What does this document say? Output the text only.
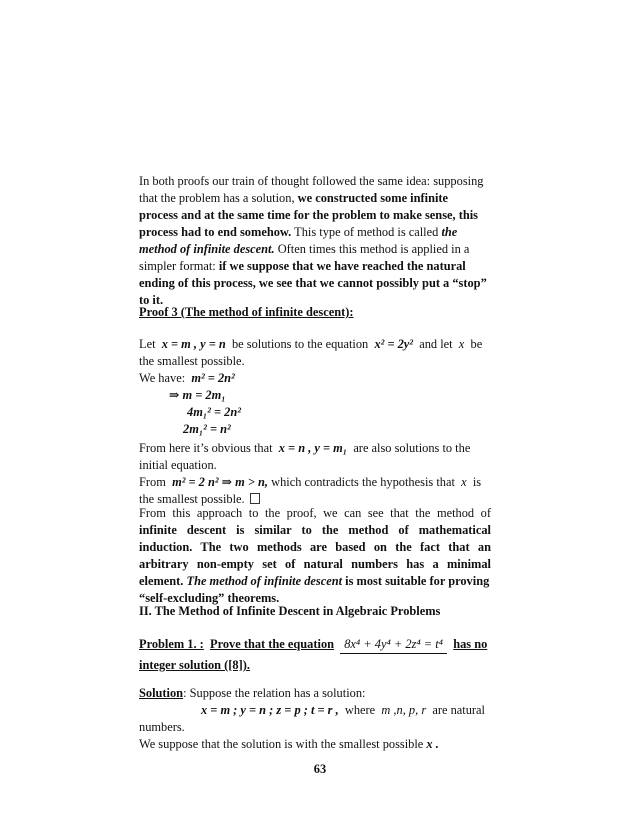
In both proofs our train of thought followed the same idea: supposing
that the problem has a solution, we constructed some infinite
process and at the same time for the problem to make sense, this
process had to end somehow. This type of method is called the
method of infinite descent. Often times this method is applied in a
simpler format: if we suppose that we have reached the natural
ending of this process, we see that we cannot possibly put a “stop”
to it.
Proof 3 (The method of infinite descent):
Let x = m , y = n be solutions to the equation x² = 2y² and let x be
the smallest possible.
We have: m² = 2n²
⇒ m = 2m₁
4m₁² = 2n²
2m₁² = n²
From here it’s obvious that x = n , y = m₁ are also solutions to the
initial equation.
From m² = 2 n² ⇒ m > n, which contradicts the hypothesis that x is
the smallest possible.
From this approach to the proof, we can see that the method of
infinite descent is similar to the method of mathematical
induction. The two methods are based on the fact that an
arbitrary non-empty set of natural numbers has a minimal
element. The method of infinite descent is most suitable for proving
“self-excluding” theorems.
II. The Method of Infinite Descent in Algebraic Problems
Problem 1. : Prove that the equation 8x⁴ + 4y⁴ + 2z⁴ = t⁴ has no
integer solution ([8]).
Solution: Suppose the relation has a solution:
x = m ; y = n ; z = p ; t = r , where m ,n, p, r are natural
numbers.
We suppose that the solution is with the smallest possible x .
63
